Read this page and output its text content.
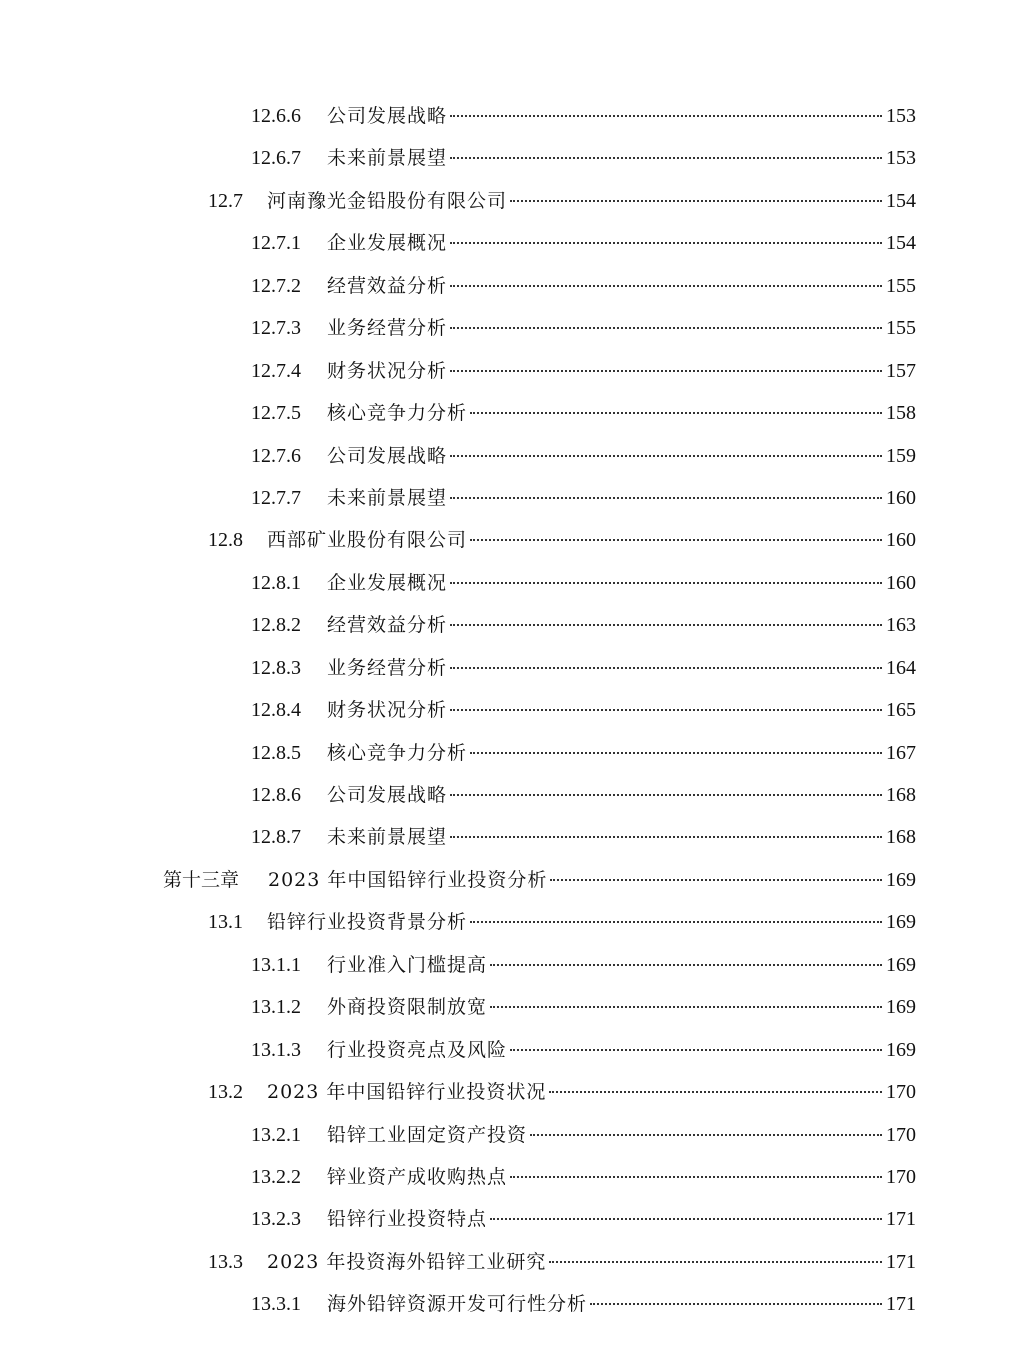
12.6.6	公司发展战略	153
12.6.7	未来前景展望	153
12.7	河南豫光金铅股份有限公司	154
12.7.1	企业发展概况	154
12.7.2	经营效益分析	155
12.7.3	业务经营分析	155
12.7.4	财务状况分析	157
12.7.5	核心竞争力分析	158
12.7.6	公司发展战略	159
12.7.7	未来前景展望	160
12.8	西部矿业股份有限公司	160
12.8.1	企业发展概况	160
12.8.2	经营效益分析	163
12.8.3	业务经营分析	164
12.8.4	财务状况分析	165
12.8.5	核心竞争力分析	167
12.8.6	公司发展战略	168
12.8.7	未来前景展望	168
第十三章	2023 年中国铅锌行业投资分析	169
13.1	铅锌行业投资背景分析	169
13.1.1	行业准入门槛提高	169
13.1.2	外商投资限制放宽	169
13.1.3	行业投资亮点及风险	169
13.2	2023 年中国铅锌行业投资状况	170
13.2.1	铅锌工业固定资产投资	170
13.2.2	锌业资产成收购热点	170
13.2.3	铅锌行业投资特点	171
13.3	2023 年投资海外铅锌工业研究	171
13.3.1	海外铅锌资源开发可行性分析	171
